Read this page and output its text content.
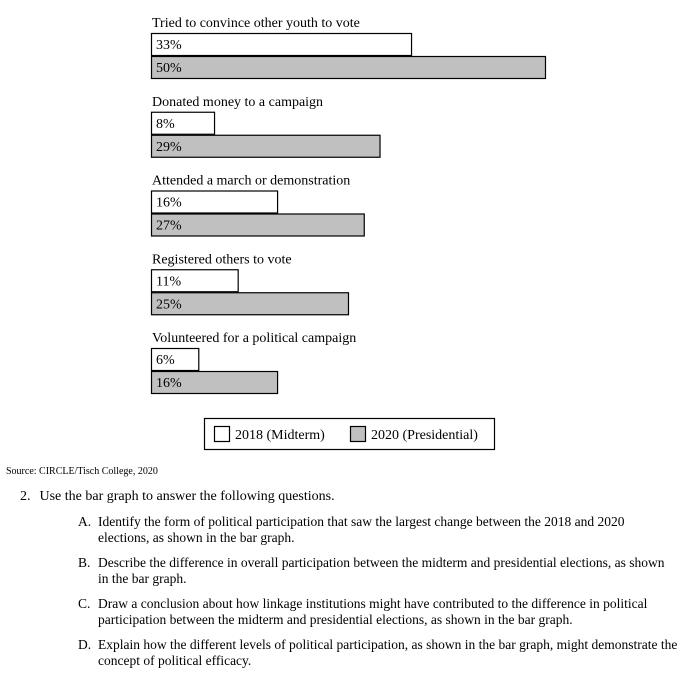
Tried to convince other youth to vote
33%
50%
Donated money to a campaign
8%
29%
Attended a march or demonstration
16%
27%
Registered others to vote
11%
25%
Volunteered for a political campaign
6%
16%
2018 (Midterm)	2020 (Presidential)
Source: CIRCLE/Tisch College, 2020
2. Use the bar graph to answer the following questions.
A. Identify the form of political participation that saw the largest change between the 2018 and 2020 elections, as shown in the bar graph.
B. Describe the difference in overall participation between the midterm and presidential elections, as shown in the bar graph.
C. Draw a conclusion about how linkage institutions might have contributed to the difference in political participation between the midterm and presidential elections, as shown in the bar graph.
D. Explain how the different levels of political participation, as shown in the bar graph, might demonstrate the concept of political efficacy.
